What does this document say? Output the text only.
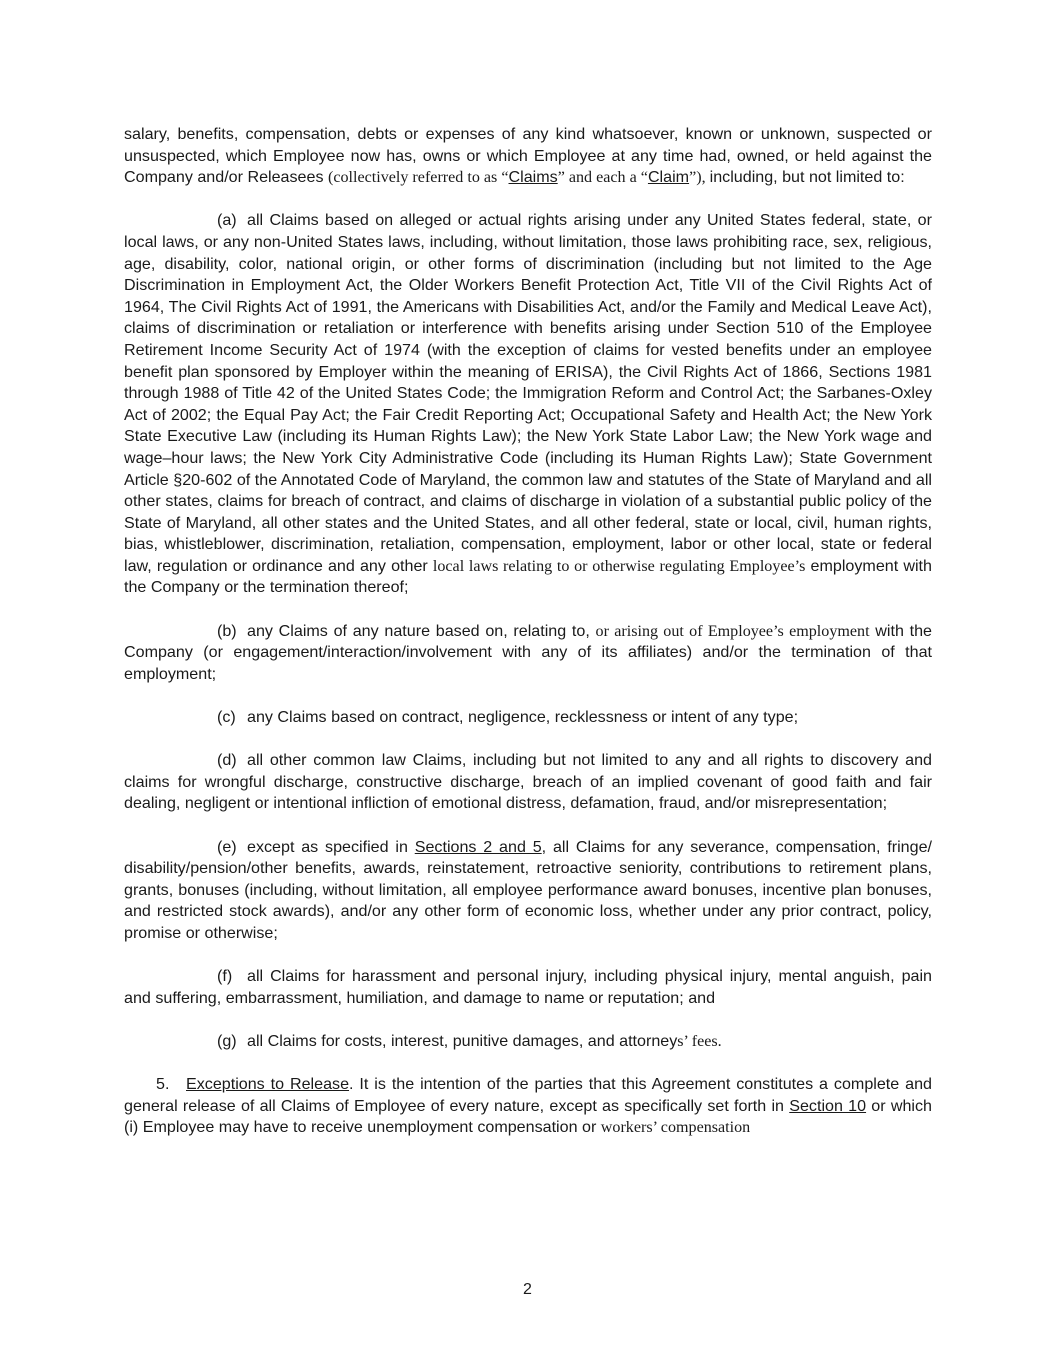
salary, benefits, compensation, debts or expenses of any kind whatsoever, known or unknown, suspected or unsuspected, which Employee now has, owns or which Employee at any time had, owned, or held against the Company and/or Releasees (collectively referred to as “Claims” and each a “Claim”), including, but not limited to:

(a) all Claims based on alleged or actual rights arising under any United States federal, state, or local laws, or any non-United States laws, including, without limitation, those laws prohibiting race, sex, religious, age, disability, color, national origin, or other forms of discrimination (including but not limited to the Age Discrimination in Employment Act, the Older Workers Benefit Protection Act, Title VII of the Civil Rights Act of 1964, The Civil Rights Act of 1991, the Americans with Disabilities Act, and/or the Family and Medical Leave Act), claims of discrimination or retaliation or interference with benefits arising under Section 510 of the Employee Retirement Income Security Act of 1974 (with the exception of claims for vested benefits under an employee benefit plan sponsored by Employer within the meaning of ERISA), the Civil Rights Act of 1866, Sections 1981 through 1988 of Title 42 of the United States Code; the Immigration Reform and Control Act; the Sarbanes-Oxley Act of 2002; the Equal Pay Act; the Fair Credit Reporting Act; Occupational Safety and Health Act; the New York State Executive Law (including its Human Rights Law); the New York State Labor Law; the New York wage and wage–hour laws; the New York City Administrative Code (including its Human Rights Law); State Government Article §20-602 of the Annotated Code of Maryland, the common law and statutes of the State of Maryland and all other states, claims for breach of contract, and claims of discharge in violation of a substantial public policy of the State of Maryland, all other states and the United States, and all other federal, state or local, civil, human rights, bias, whistleblower, discrimination, retaliation, compensation, employment, labor or other local, state or federal law, regulation or ordinance and any other local laws relating to or otherwise regulating Employee’s employment with the Company or the termination thereof;

(b) any Claims of any nature based on, relating to, or arising out of Employee’s employment with the Company (or engagement/interaction/involvement with any of its affiliates) and/or the termination of that employment;

(c) any Claims based on contract, negligence, recklessness or intent of any type;

(d) all other common law Claims, including but not limited to any and all rights to discovery and claims for wrongful discharge, constructive discharge, breach of an implied covenant of good faith and fair dealing, negligent or intentional infliction of emotional distress, defamation, fraud, and/or misrepresentation;

(e) except as specified in Sections 2 and 5, all Claims for any severance, compensation, fringe/ disability/pension/other benefits, awards, reinstatement, retroactive seniority, contributions to retirement plans, grants, bonuses (including, without limitation, all employee performance award bonuses, incentive plan bonuses, and restricted stock awards), and/or any other form of economic loss, whether under any prior contract, policy, promise or otherwise;

(f) all Claims for harassment and personal injury, including physical injury, mental anguish, pain and suffering, embarrassment, humiliation, and damage to name or reputation; and

(g) all Claims for costs, interest, punitive damages, and attorneys’ fees.

5. Exceptions to Release. It is the intention of the parties that this Agreement constitutes a complete and general release of all Claims of Employee of every nature, except as specifically set forth in Section 10 or which (i) Employee may have to receive unemployment compensation or workers’ compensation

2
